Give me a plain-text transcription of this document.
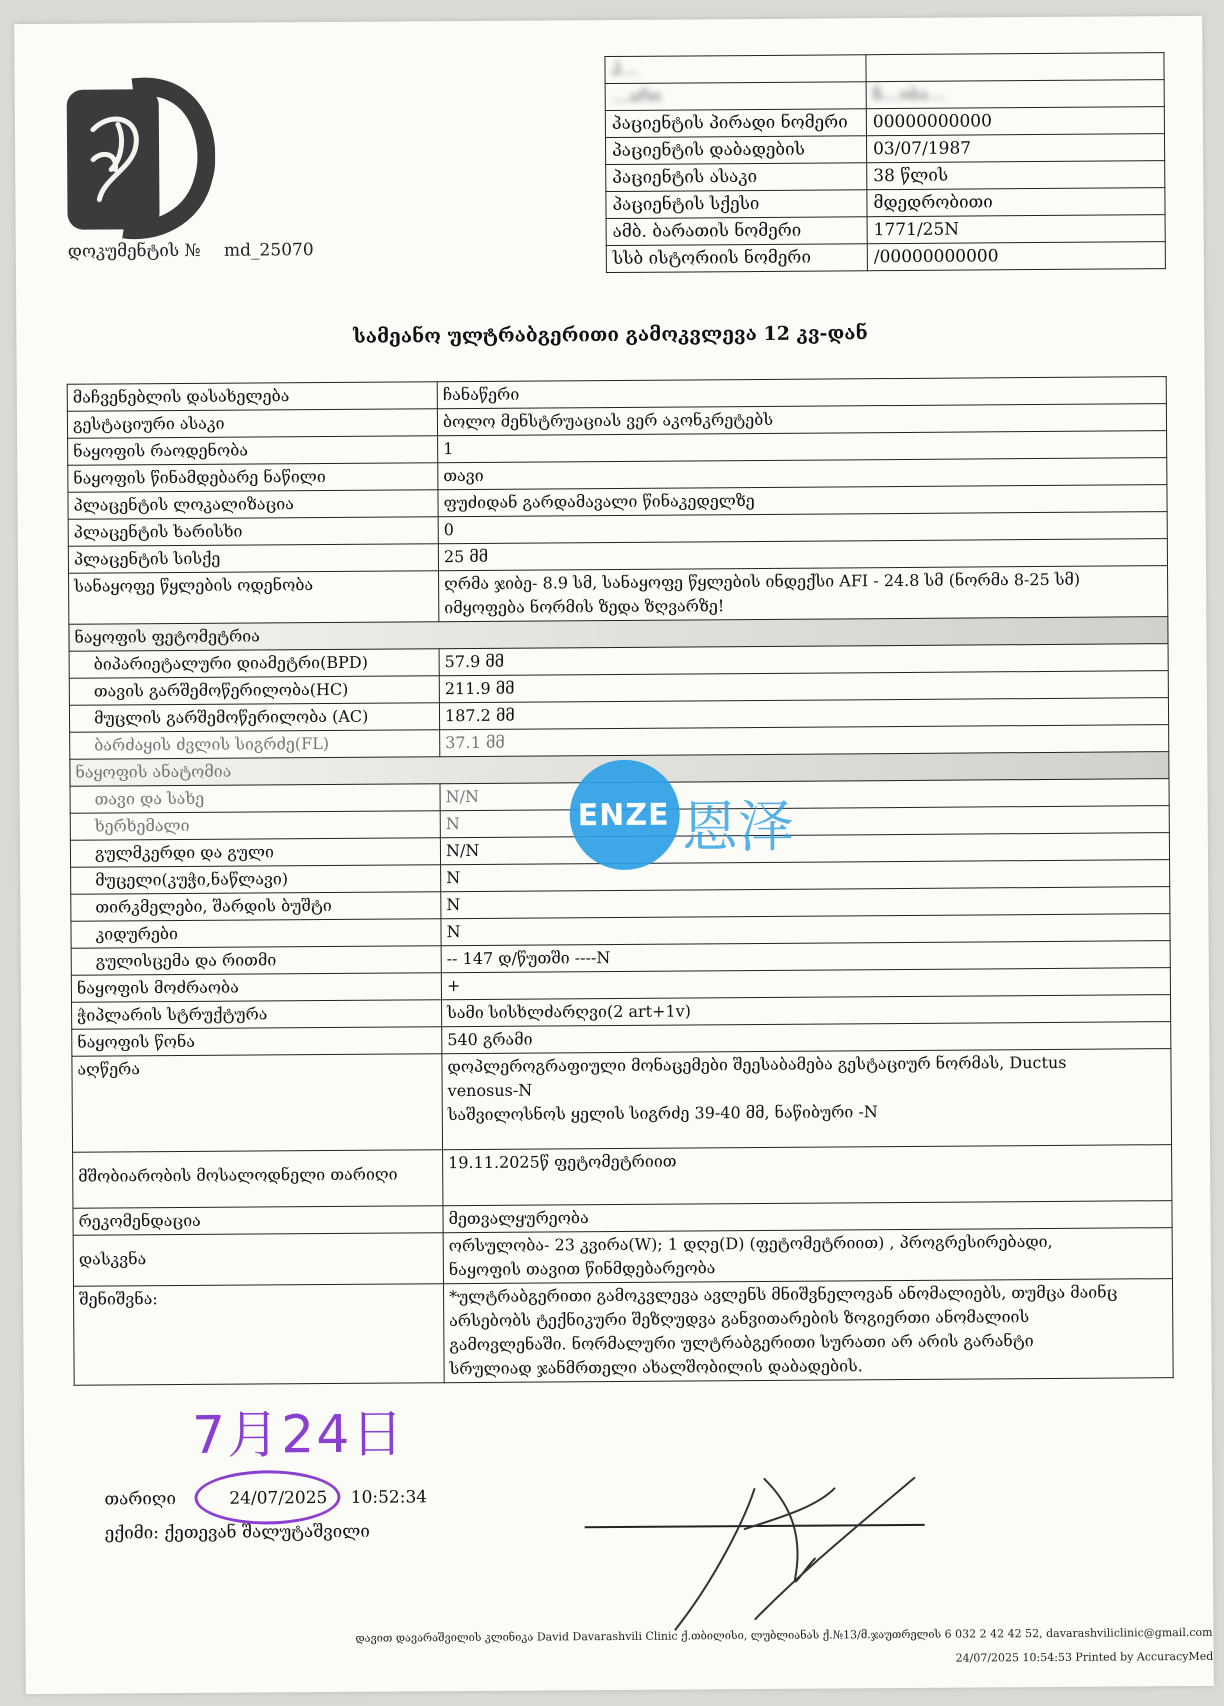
დოკუმენტის № md_25070
პ…	
…არი	ნ…იბა…
პაციენტის პირადი ნომერი	00000000000
პაციენტის დაბადების	03/07/1987
პაციენტის ასაკი	38 წლის
პაციენტის სქესი	მდედრობითი
ამბ. ბარათის ნომერი	1771/25N
სსბ ისტორიის ნომერი	/00000000000
სამეანო ულტრაბგერითი გამოკვლევა 12 კვ-დან
მაჩვენებლის დასახელება	ჩანაწერი
გესტაციური ასაკი	ბოლო მენსტრუაციას ვერ აკონკრეტებს
ნაყოფის რაოდენობა	1
ნაყოფის წინამდებარე ნაწილი	თავი
პლაცენტის ლოკალიზაცია	ფუძიდან გარდამავალი წინაკედელზე
პლაცენტის ხარისხი	0
პლაცენტის სისქე	25 მმ
სანაყოფე წყლების ოდენობა	ღრმა ჯიბე- 8.9 სმ, სანაყოფე წყლების ინდექსი AFI - 24.8 სმ (ნორმა 8-25 სმ)
იმყოფება ნორმის ზედა ზღვარზე!

ნაყოფის ფეტომეტრია	
ბიპარიეტალური დიამეტრი(BPD)	57.9 მმ
თავის გარშემოწერილობა(HC)	211.9 მმ
მუცლის გარშემოწერილობა (AC)	187.2 მმ
ბარძაყის ძვლის სიგრძე(FL)	37.1 მმ
ნაყოფის ანატომია	
თავი და სახე	N/N
ხერხემალი	N
გულმკერდი და გული	N/N
მუცელი(კუჭი,ნაწლავი)	N
თირკმელები, შარდის ბუშტი	N
კიდურები	N
გულისცემა და რითმი	-- 147 დ/წუთში ----N
ნაყოფის მოძრაობა	+
ჭიპლარის სტრუქტურა	სამი სისხლძარღვი(2 art+1v)
ნაყოფის წონა	540 გრამი
აღწერა	დოპლეროგრაფიული მონაცემები შეესაბამება გესტაციურ ნორმას, Ductus
venosus-N
საშვილოსნოს ყელის სიგრძე 39-40 მმ, ნაწიბური -N

მშობიარობის მოსალოდნელი თარიღი	19.11.2025წ ფეტომეტრიით
რეკომენდაცია	მეთვალყურეობა
დასკვნა	ორსულობა- 23 კვირა(W); 1 დღე(D) (ფეტომეტრიით) , პროგრესირებადი,
ნაყოფის თავით წინმდებარეობა

შენიშვნა:	*ულტრაბგერითი გამოკვლევა ავლენს მნიშვნელოვან ანომალიებს, თუმცა მაინც
არსებობს ტექნიკური შეზღუდვა განვითარების ზოგიერთი ანომალიის
გამოვლენაში. ნორმალური ულტრაბგერითი სურათი არ არის გარანტი
სრულიად ჯანმრთელი ახალშობილის დაბადების.
7月24日
თარიღი	24/07/2025 10:52:34
ექიმი: ქეთევან შალუტაშვილი
ENZE 恩泽
დავით დავარაშვილის კლინიკა David Davarashvili Clinic ქ.თბილისი, ლუბლიანას ქ.№13/მ.ჯაუთრელის 6 032 2 42 42 52, davarashviliclinic@gmail.com
24/07/2025 10:54:53 Printed by AccuracyMed
